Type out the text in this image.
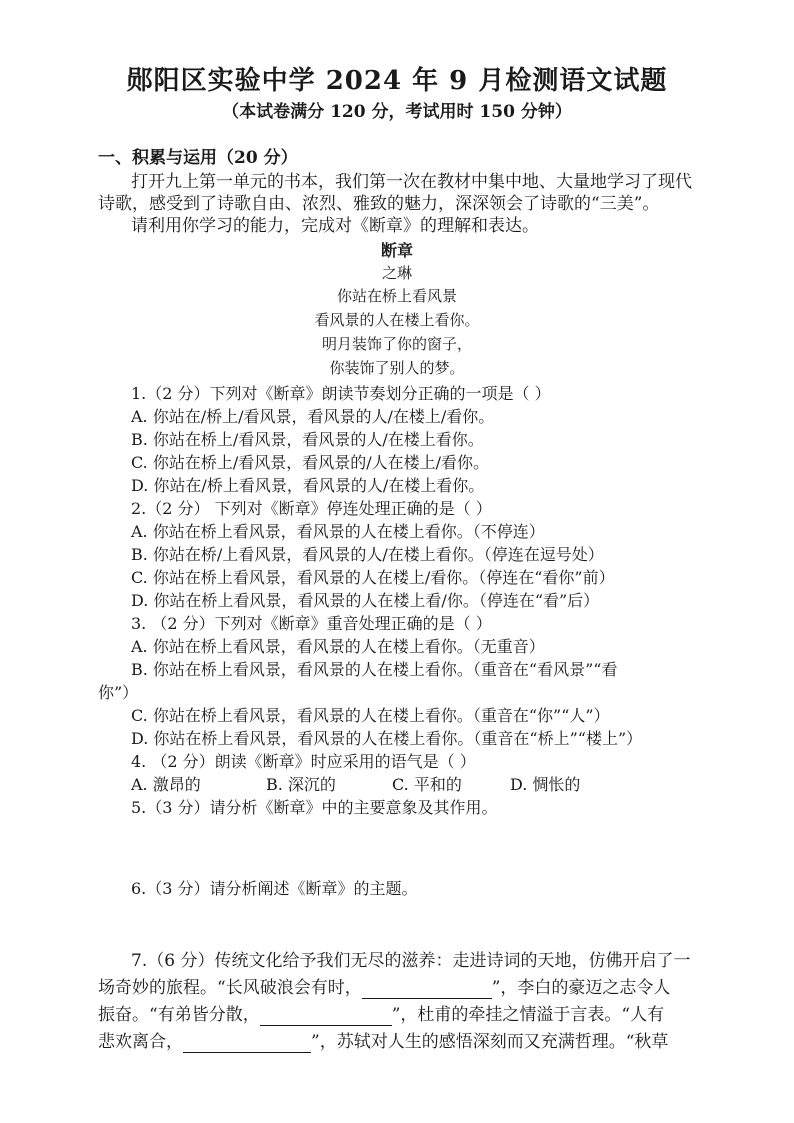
郧阳区实验中学 2024 年 9 月检测语文试题
（本试卷满分 120 分，考试用时 150 分钟）
一、积累与运用（20 分）
打开九上第一单元的书本，我们第一次在教材中集中地、大量地学习了现代
诗歌，感受到了诗歌自由、浓烈、雅致的魅力，深深领会了诗歌的“三美”。
请利用你学习的能力，完成对《断章》的理解和表达。
断章
之琳
你站在桥上看风景
看风景的人在楼上看你。
明月装饰了你的窗子，
你装饰了别人的梦。
1.（2 分）下列对《断章》朗读节奏划分正确的一项是（ ）
A. 你站在/桥上/看风景，看风景的人/在楼上/看你。
B. 你站在桥上/看风景，看风景的人/在楼上看你。
C. 你站在桥上/看风景，看风景的/人在楼上/看你。
D. 你站在/桥上看风景，看风景的人/在楼上看你。
2.（2 分） 下列对《断章》停连处理正确的是（ ）
A. 你站在桥上看风景，看风景的人在楼上看你。（不停连）
B. 你站在桥/上看风景，看风景的人/在楼上看你。（停连在逗号处）
C. 你站在桥上看风景，看风景的人在楼上/看你。（停连在“看你”前）
D. 你站在桥上看风景，看风景的人在楼上看/你。（停连在“看”后）
3. （2 分）下列对《断章》重音处理正确的是（ ）
A. 你站在桥上看风景，看风景的人在楼上看你。（无重音）
B. 你站在桥上看风景，看风景的人在楼上看你。（重音在“看风景”“看
你”）
C. 你站在桥上看风景，看风景的人在楼上看你。（重音在“你”“人”）
D. 你站在桥上看风景，看风景的人在楼上看你。（重音在“桥上”“楼上”）
4. （2 分）朗读《断章》时应采用的语气是（ ）
A. 激昂的	B. 深沉的	C. 平和的	D. 惆怅的
5.（3 分）请分析《断章》中的主要意象及其作用。
6.（3 分）请分析阐述《断章》的主题。
7.（6 分）传统文化给予我们无尽的滋养：走进诗词的天地，仿佛开启了一
场奇妙的旅程。“长风破浪会有时，	”，李白的豪迈之志令人
振奋。“有弟皆分散，	”，杜甫的牵挂之情溢于言表。“人有
悲欢离合，	”，苏轼对人生的感悟深刻而又充满哲理。“秋草
